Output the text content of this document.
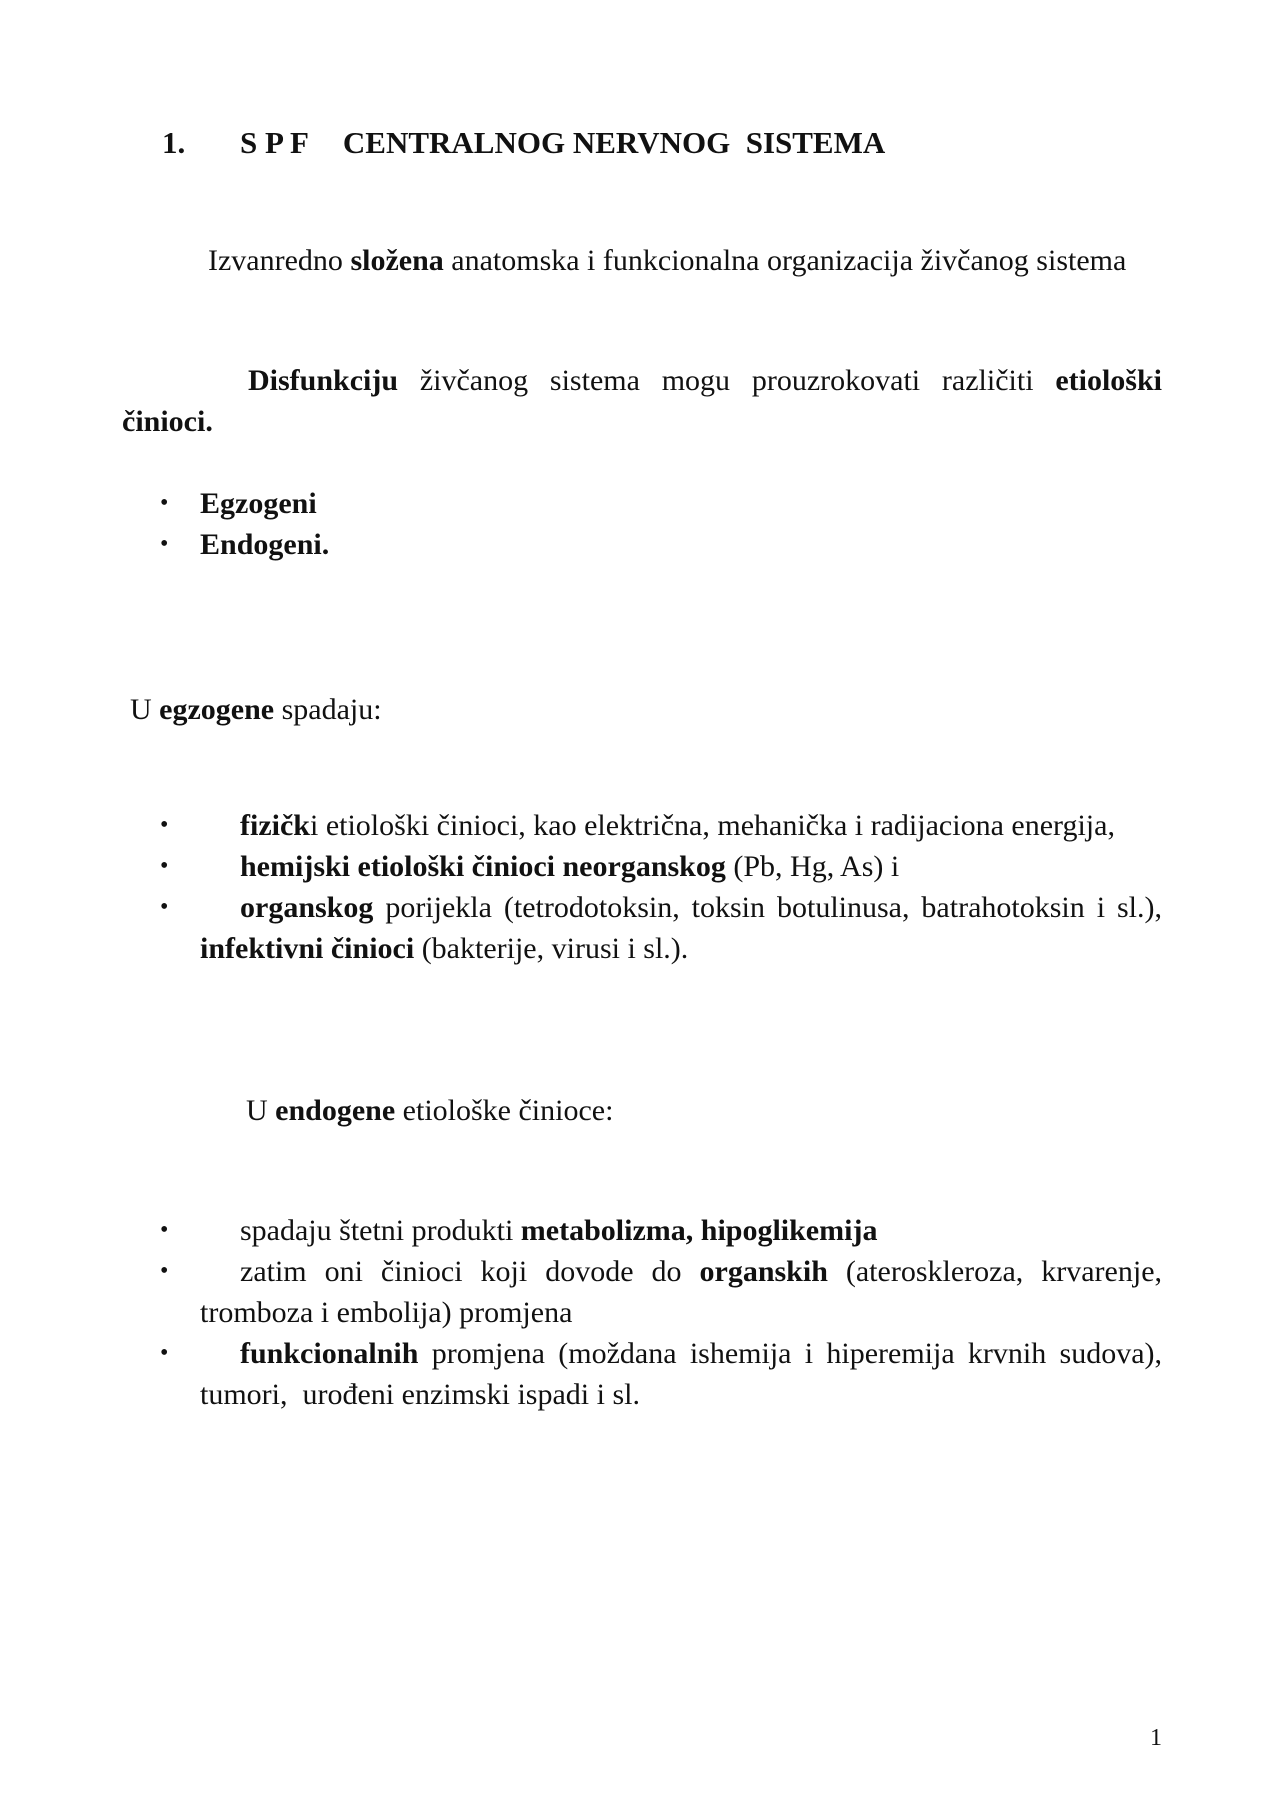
1. S P F CENTRALNOG NERVNOG  SISTEMA

Izvanredno složena anatomska i funkcionalna organizacija živčanog sistema

Disfunkciju živčanog sistema mogu prouzrokovati različiti etiološki činioci.

•	Egzogeni
•	Endogeni.

U egzogene spadaju:

•	fizički etiološki činioci, kao električna, mehanička i radijaciona energija,
•	hemijski etiološki činioci neorganskog (Pb, Hg, As) i
•	organskog porijekla (tetrodotoksin, toksin botulinusa, batrahotoksin i sl.),  infektivni činioci (bakterije, virusi i sl.).

U endogene etiološke činioce:

•	spadaju štetni produkti metabolizma, hipoglikemija
•	zatim oni činioci koji dovode do organskih (ateroskleroza, krvarenje, tromboza i embolija) promjena
•	funkcionalnih promjena (moždana ishemija i hiperemija krvnih sudova),  tumori,  urođeni enzimski ispadi i sl.
1
